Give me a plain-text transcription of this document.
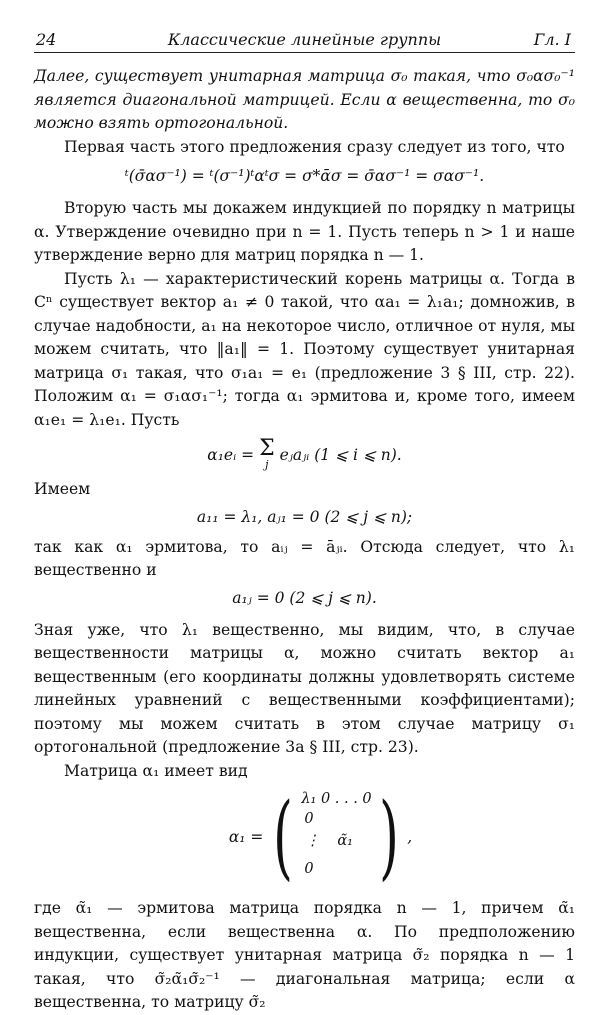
24	Классические линейные группы	Гл. I

Далее, существует унитарная матрица σ₀ такая, что σ₀ασ₀⁻¹ является диагональной матрицей. Если α вещественна, то σ₀ можно взять ортогональной.

Первая часть этого предложения сразу следует из того, что

ᵗ(σ̄ασ⁻¹) = ᵗ(σ⁻¹)ᵗαᵗσ = σ*ᾱσ = σ̄ασ⁻¹ = σασ⁻¹.

Вторую часть мы докажем индукцией по порядку n матрицы α. Утверждение очевидно при n = 1. Пусть теперь n > 1 и наше утверждение верно для матриц порядка n — 1.

Пусть λ₁ — характеристический корень матрицы α. Тогда в Cⁿ существует вектор a₁ ≠ 0 такой, что αa₁ = λ₁a₁; домножив, в случае надобности, a₁ на некоторое число, отличное от нуля, мы можем считать, что ‖a₁‖ = 1. Поэтому существует унитарная матрица σ₁ такая, что σ₁a₁ = e₁ (предложение 3 § III, стр. 22). Положим α₁ = σ₁ασ₁⁻¹; тогда α₁ эрмитова и, кроме того, имеем α₁e₁ = λ₁e₁. Пусть

α₁eᵢ = Σ
j eⱼaⱼᵢ (1 ⩽ i ⩽ n).

Имеем

a₁₁ = λ₁, aⱼ₁ = 0 (2 ⩽ j ⩽ n);

так как α₁ эрмитова, то aᵢⱼ = āⱼᵢ. Отсюда следует, что λ₁ вещественно и

a₁ⱼ = 0 (2 ⩽ j ⩽ n).

Зная уже, что λ₁ вещественно, мы видим, что, в случае вещественности матрицы α, можно считать вектор a₁ вещественным (его координаты должны удовлетворять системе линейных уравнений с вещественными коэффициентами); поэтому мы можем считать в этом случае матрицу σ₁ ортогональной (предложение 3а § III, стр. 23).

Матрица α₁ имеет вид

α₁ = ( λ₁ 0 . . . 0
0
⋮
0
α̃₁ ) ,

где α̃₁ — эрмитова матрица порядка n — 1, причем α̃₁ вещественна, если вещественна α. По предположению индукции, существует унитарная матрица σ̃₂ порядка n — 1 такая, что σ̃₂α̃₁σ̃₂⁻¹ — диагональная матрица; если α вещественна, то матрицу σ̃₂
